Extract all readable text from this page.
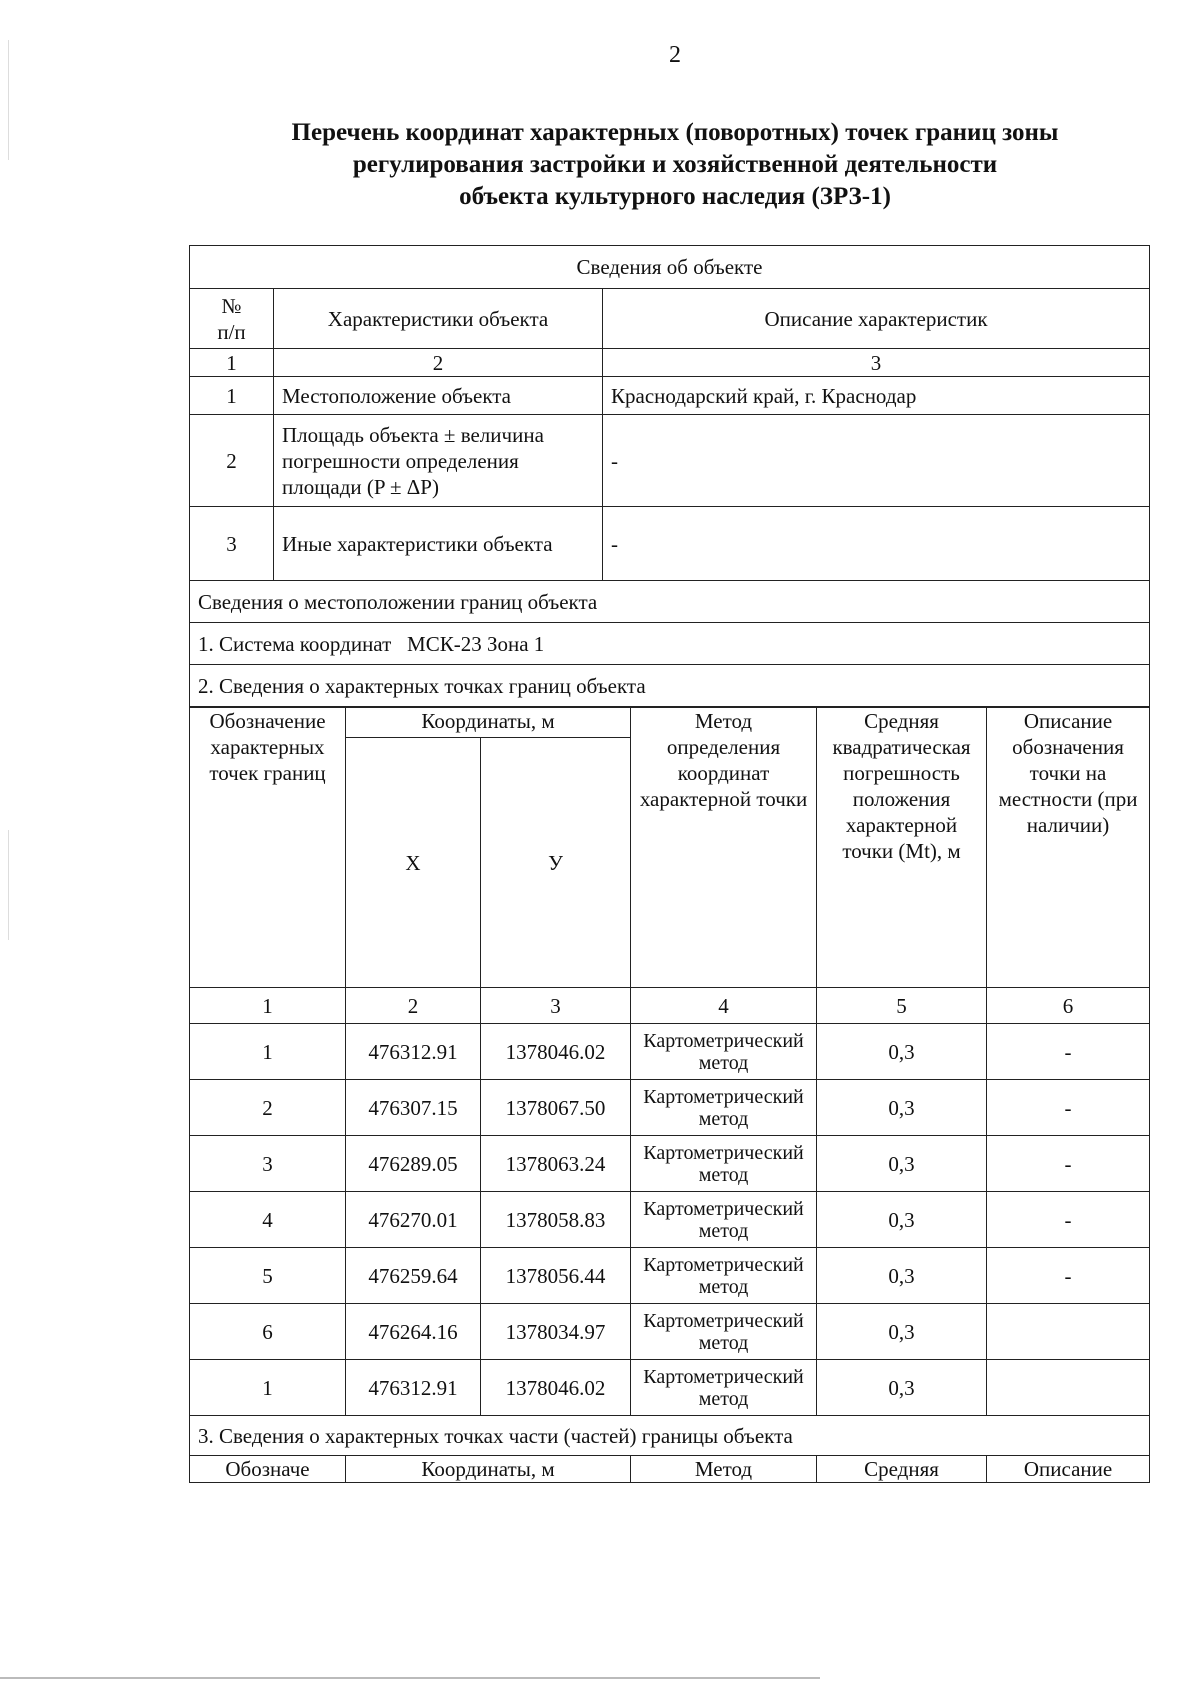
2
Перечень координат характерных (поворотных) точек границ зоны
регулирования застройки и хозяйственной деятельности
объекта культурного наследия (ЗРЗ-1)
Сведения об объекте		

№
п/п	Характеристики объекта	Описание характеристик
1	2	3
1	Местоположение объекта	Краснодарский край, г. Краснодар
2	Площадь объекта ± величина погрешности определения площади (P ± ΔP)	-
3	Иные характеристики объекта	-
Сведения о местоположении границ объекта		
1. Система координат МСК-23 Зона 1		
2. Сведения о характерных точках границ объекта		
Обозначение характерных точек границ	Координаты, м		Метод определения координат характерной точки	Средняя квадратическая погрешность положения характерной точки (Mt), м	Описание обозначения точки на местности (при наличии)
	X	У			
1	2	3	4	5	6
1	476312.91	1378046.02	Картометрический метод	0,3	-
2	476307.15	1378067.50	Картометрический метод	0,3	-
3	476289.05	1378063.24	Картометрический метод	0,3	-
4	476270.01	1378058.83	Картометрический метод	0,3	-
5	476259.64	1378056.44	Картометрический метод	0,3	-
6	476264.16	1378034.97	Картометрический метод	0,3	
1	476312.91	1378046.02	Картометрический метод	0,3	
3. Сведения о характерных точках части (частей) границы объекта					
Обозначе	Координаты, м		Метод	Средняя	Описание
